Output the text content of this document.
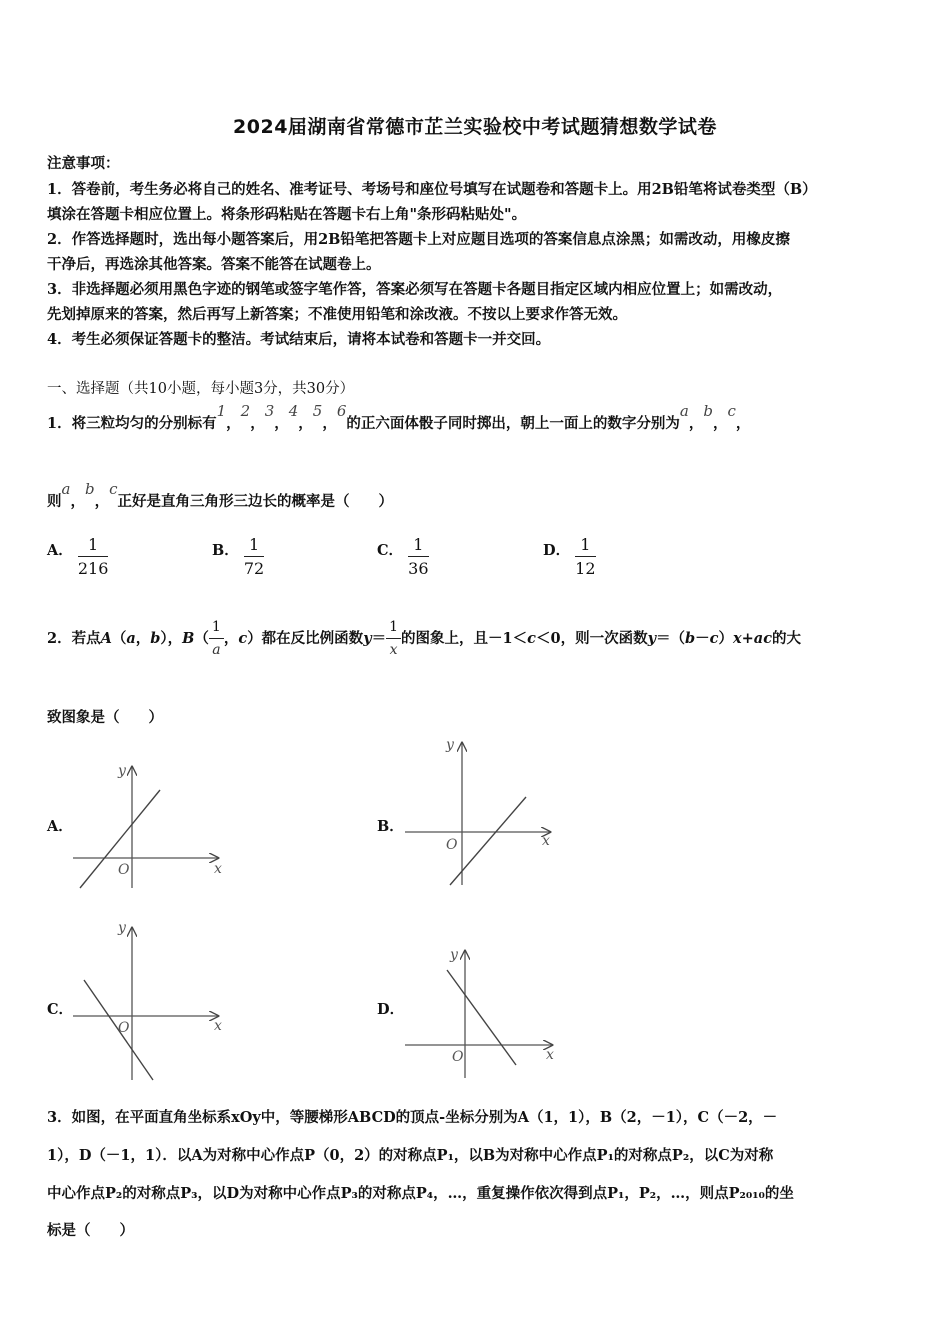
2024届湖南省常德市芷兰实验校中考试题猜想数学试卷
注意事项：
1．答卷前，考生务必将自己的姓名、准考证号、考场号和座位号填写在试题卷和答题卡上。用2B铅笔将试卷类型（B）
填涂在答题卡相应位置上。将条形码粘贴在答题卡右上角"条形码粘贴处"。
2．作答选择题时，选出每小题答案后，用2B铅笔把答题卡上对应题目选项的答案信息点涂黑；如需改动，用橡皮擦
干净后，再选涂其他答案。答案不能答在试题卷上。
3．非选择题必须用黑色字迹的钢笔或签字笔作答，答案必须写在答题卡各题目指定区域内相应位置上；如需改动，
先划掉原来的答案，然后再写上新答案；不准使用铅笔和涂改液。不按以上要求作答无效。
4．考生必须保证答题卡的整洁。考试结束后，请将本试卷和答题卡一并交回。
一、选择题（共10小题，每小题3分，共30分）
1．将三粒均匀的分别标有1，2，3，4，5，6的正六面体骰子同时掷出，朝上一面上的数字分别为a，b，c，
则a，b，c正好是直角三角形三边长的概率是（　　）
A． $\frac{1}{216}$	B． $\frac{1}{72}$	C． $\frac{1}{36}$	D． $\frac{1}{12}$
2．若点A（a，b），$B( \frac{1}{a}$ ，c）都在反比例函数$y= \frac{1}{x}$ 的图象上，且－1＜c＜0，则一次函数y＝（b－c）x+ac的大
致图象是（　　）
A．
y
x
O
B．
y
x
O
C．
y
x
O
D．
y
x
O
3．如图，在平面直角坐标系xOy中，等腰梯形ABCD的顶点-坐标分别为A（1，1），B（2，－1），C（－2，－
1），D（－1，1）．以A为对称中心作点P（0，2）的对称点P₁，以B为对称中心作点P₁的对称点P₂，以C为对称
中心作点P₂的对称点P₃，以D为对称中心作点P₃的对称点P₄，…，重复操作依次得到点P₁，P₂，…，则点P₂₀₁₀的坐
标是（　　）
